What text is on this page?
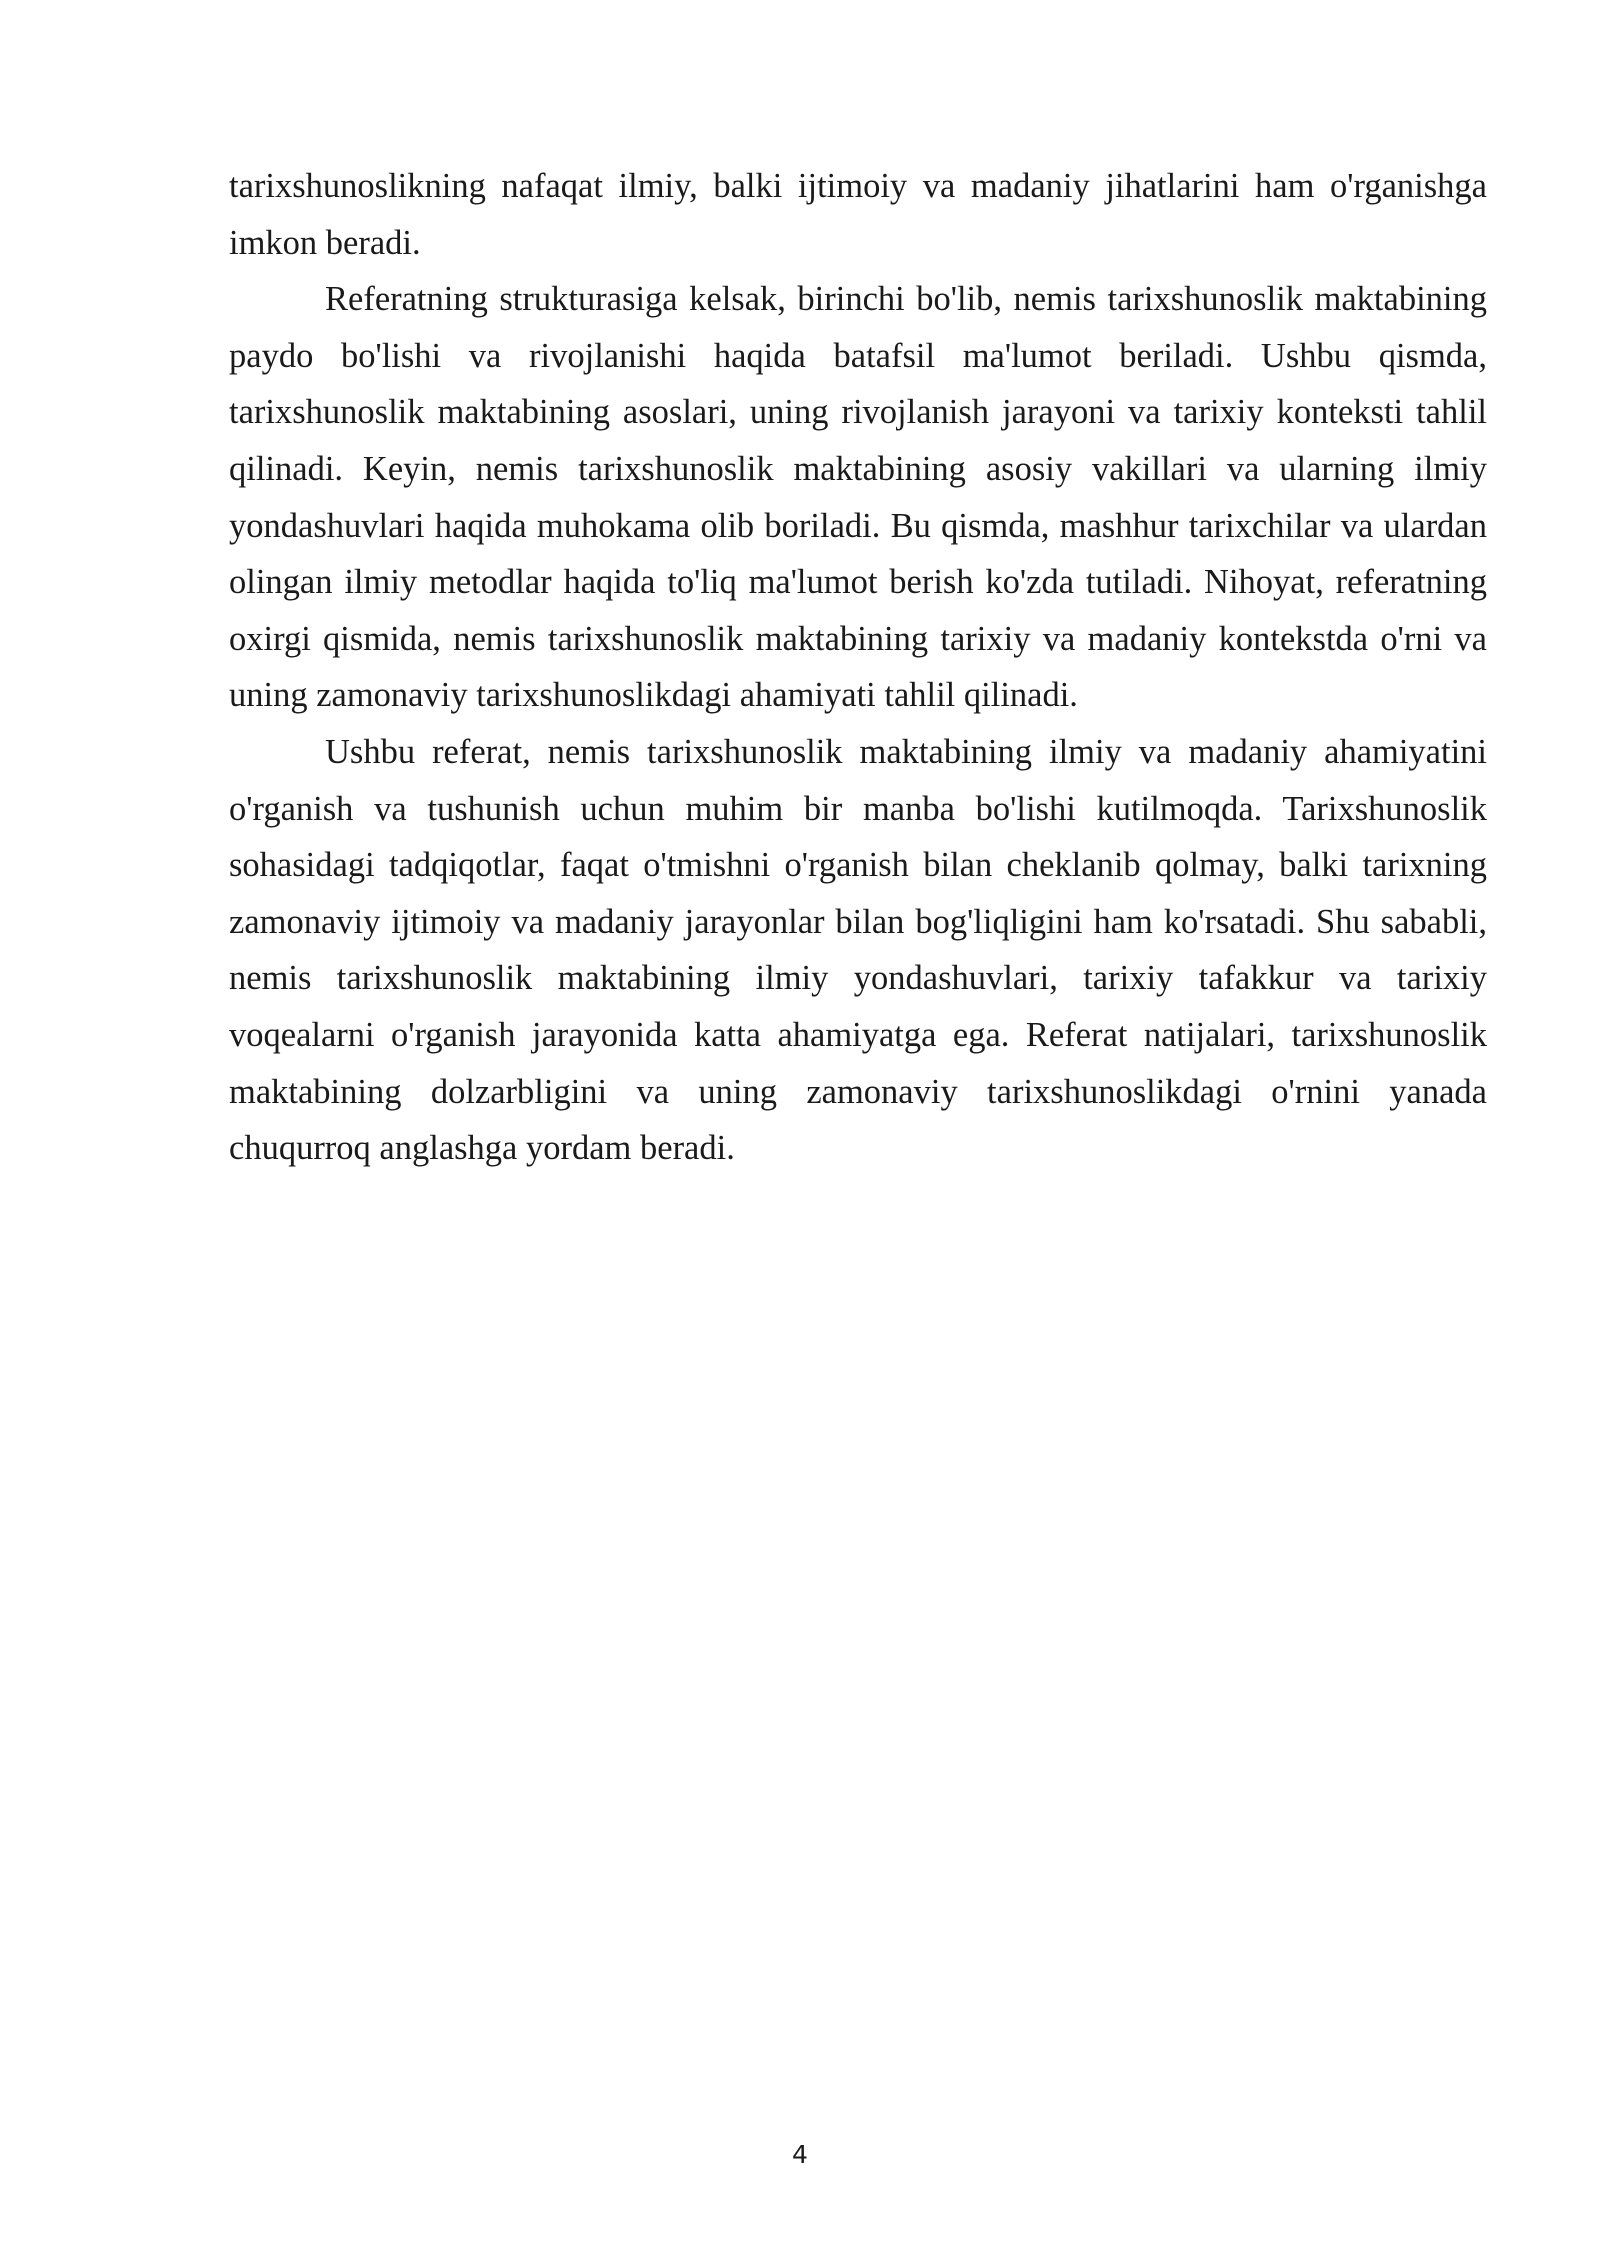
tarixshunoslikning nafaqat ilmiy, balki ijtimoiy va madaniy jihatlarini ham o'rganishga imkon beradi.

Referatning strukturasiga kelsak, birinchi bo'lib, nemis tarixshunoslik maktabining paydo bo'lishi va rivojlanishi haqida batafsil ma'lumot beriladi. Ushbu qismda, tarixshunoslik maktabining asoslari, uning rivojlanish jarayoni va tarixiy konteksti tahlil qilinadi. Keyin, nemis tarixshunoslik maktabining asosiy vakillari va ularning ilmiy yondashuvlari haqida muhokama olib boriladi. Bu qismda, mashhur tarixchilar va ulardan olingan ilmiy metodlar haqida to'liq ma'lumot berish ko'zda tutiladi. Nihoyat, referatning oxirgi qismida, nemis tarixshunoslik maktabining tarixiy va madaniy kontekstda o'rni va uning zamonaviy tarixshunoslikdagi ahamiyati tahlil qilinadi.

Ushbu referat, nemis tarixshunoslik maktabining ilmiy va madaniy ahamiyatini o'rganish va tushunish uchun muhim bir manba bo'lishi kutilmoqda. Tarixshunoslik sohasidagi tadqiqotlar, faqat o'tmishni o'rganish bilan cheklanib qolmay, balki tarixning zamonaviy ijtimoiy va madaniy jarayonlar bilan bog'liqligini ham ko'rsatadi. Shu sababli, nemis tarixshunoslik maktabining ilmiy yondashuvlari, tarixiy tafakkur va tarixiy voqealarni o'rganish jarayonida katta ahamiyatga ega. Referat natijalari, tarixshunoslik maktabining dolzarbligini va uning zamonaviy tarixshunoslikdagi o'rnini yanada chuqurroq anglashga yordam beradi.

4
